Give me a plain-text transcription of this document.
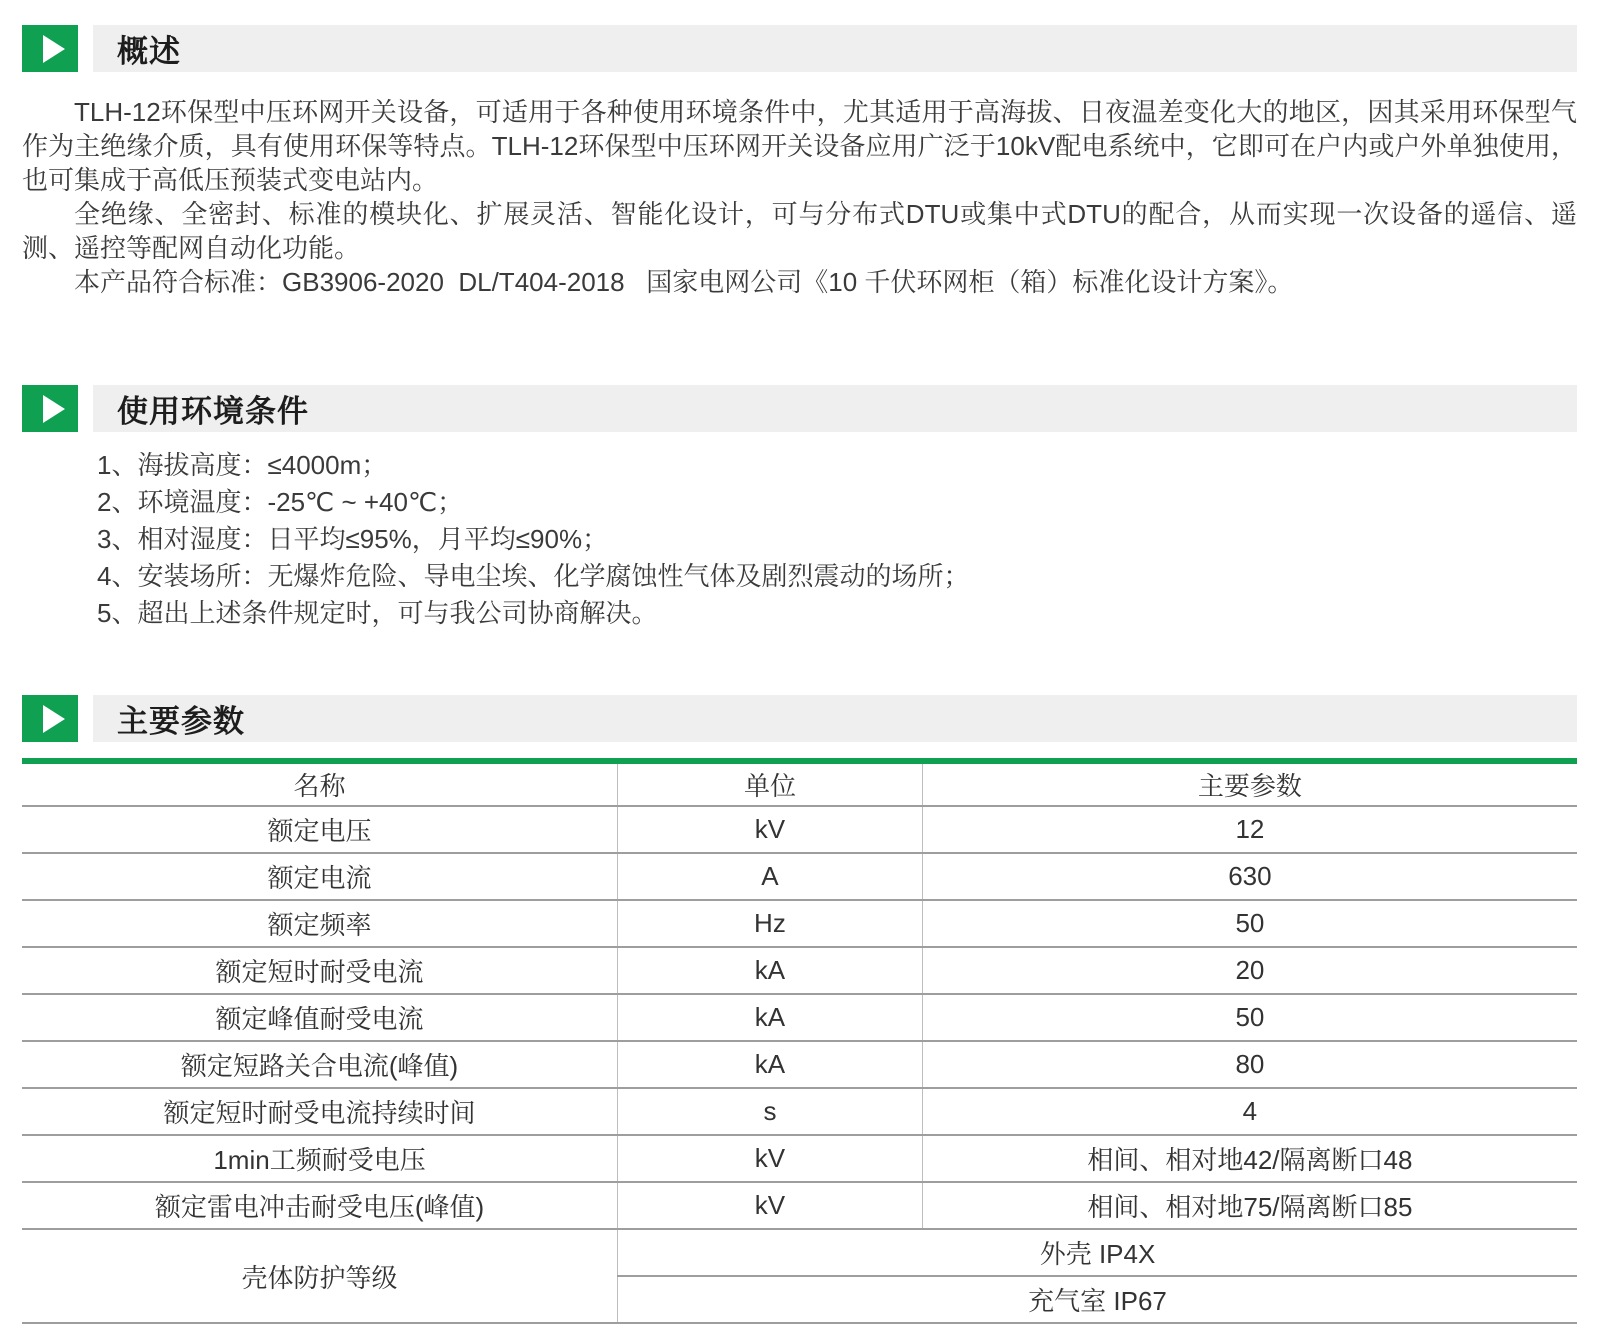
概述

TLH-12环保型中压环网开关设备，可适用于各种使用环境条件中，尤其适用于高海拔、日夜温差变化大的地区，因其采用环保型气作为主绝缘介质，具有使用环保等特点。TLH-12环保型中压环网开关设备应用广泛于10kV配电系统中，它即可在户内或户外单独使用，也可集成于高低压预装式变电站内。

全绝缘、全密封、标准的模块化、扩展灵活、智能化设计，可与分布式DTU或集中式DTU的配合，从而实现一次设备的遥信、遥测、遥控等配网自动化功能。

本产品符合标准：GB3906-2020  DL/T404-2018   国家电网公司《10 千伏环网柜（箱）标准化设计方案》。

使用环境条件
1、海拔高度：≤4000m；
2、环境温度：-25℃ ~ +40℃；
3、相对湿度：日平均≤95%，月平均≤90%；
4、安装场所：无爆炸危险、导电尘埃、化学腐蚀性气体及剧烈震动的场所；
5、超出上述条件规定时，可与我公司协商解决。
主要参数
名称	单位	主要参数
额定电压	kV	12
额定电流	A	630
额定频率	Hz	50
额定短时耐受电流	kA	20
额定峰值耐受电流	kA	50
额定短路关合电流(峰值)	kA	80
额定短时耐受电流持续时间	s	4
1min工频耐受电压	kV	相间、相对地42/隔离断口48
额定雷电冲击耐受电压(峰值)	kV	相间、相对地75/隔离断口85
壳体防护等级	外壳 IP4X	
	充气室 IP67	
